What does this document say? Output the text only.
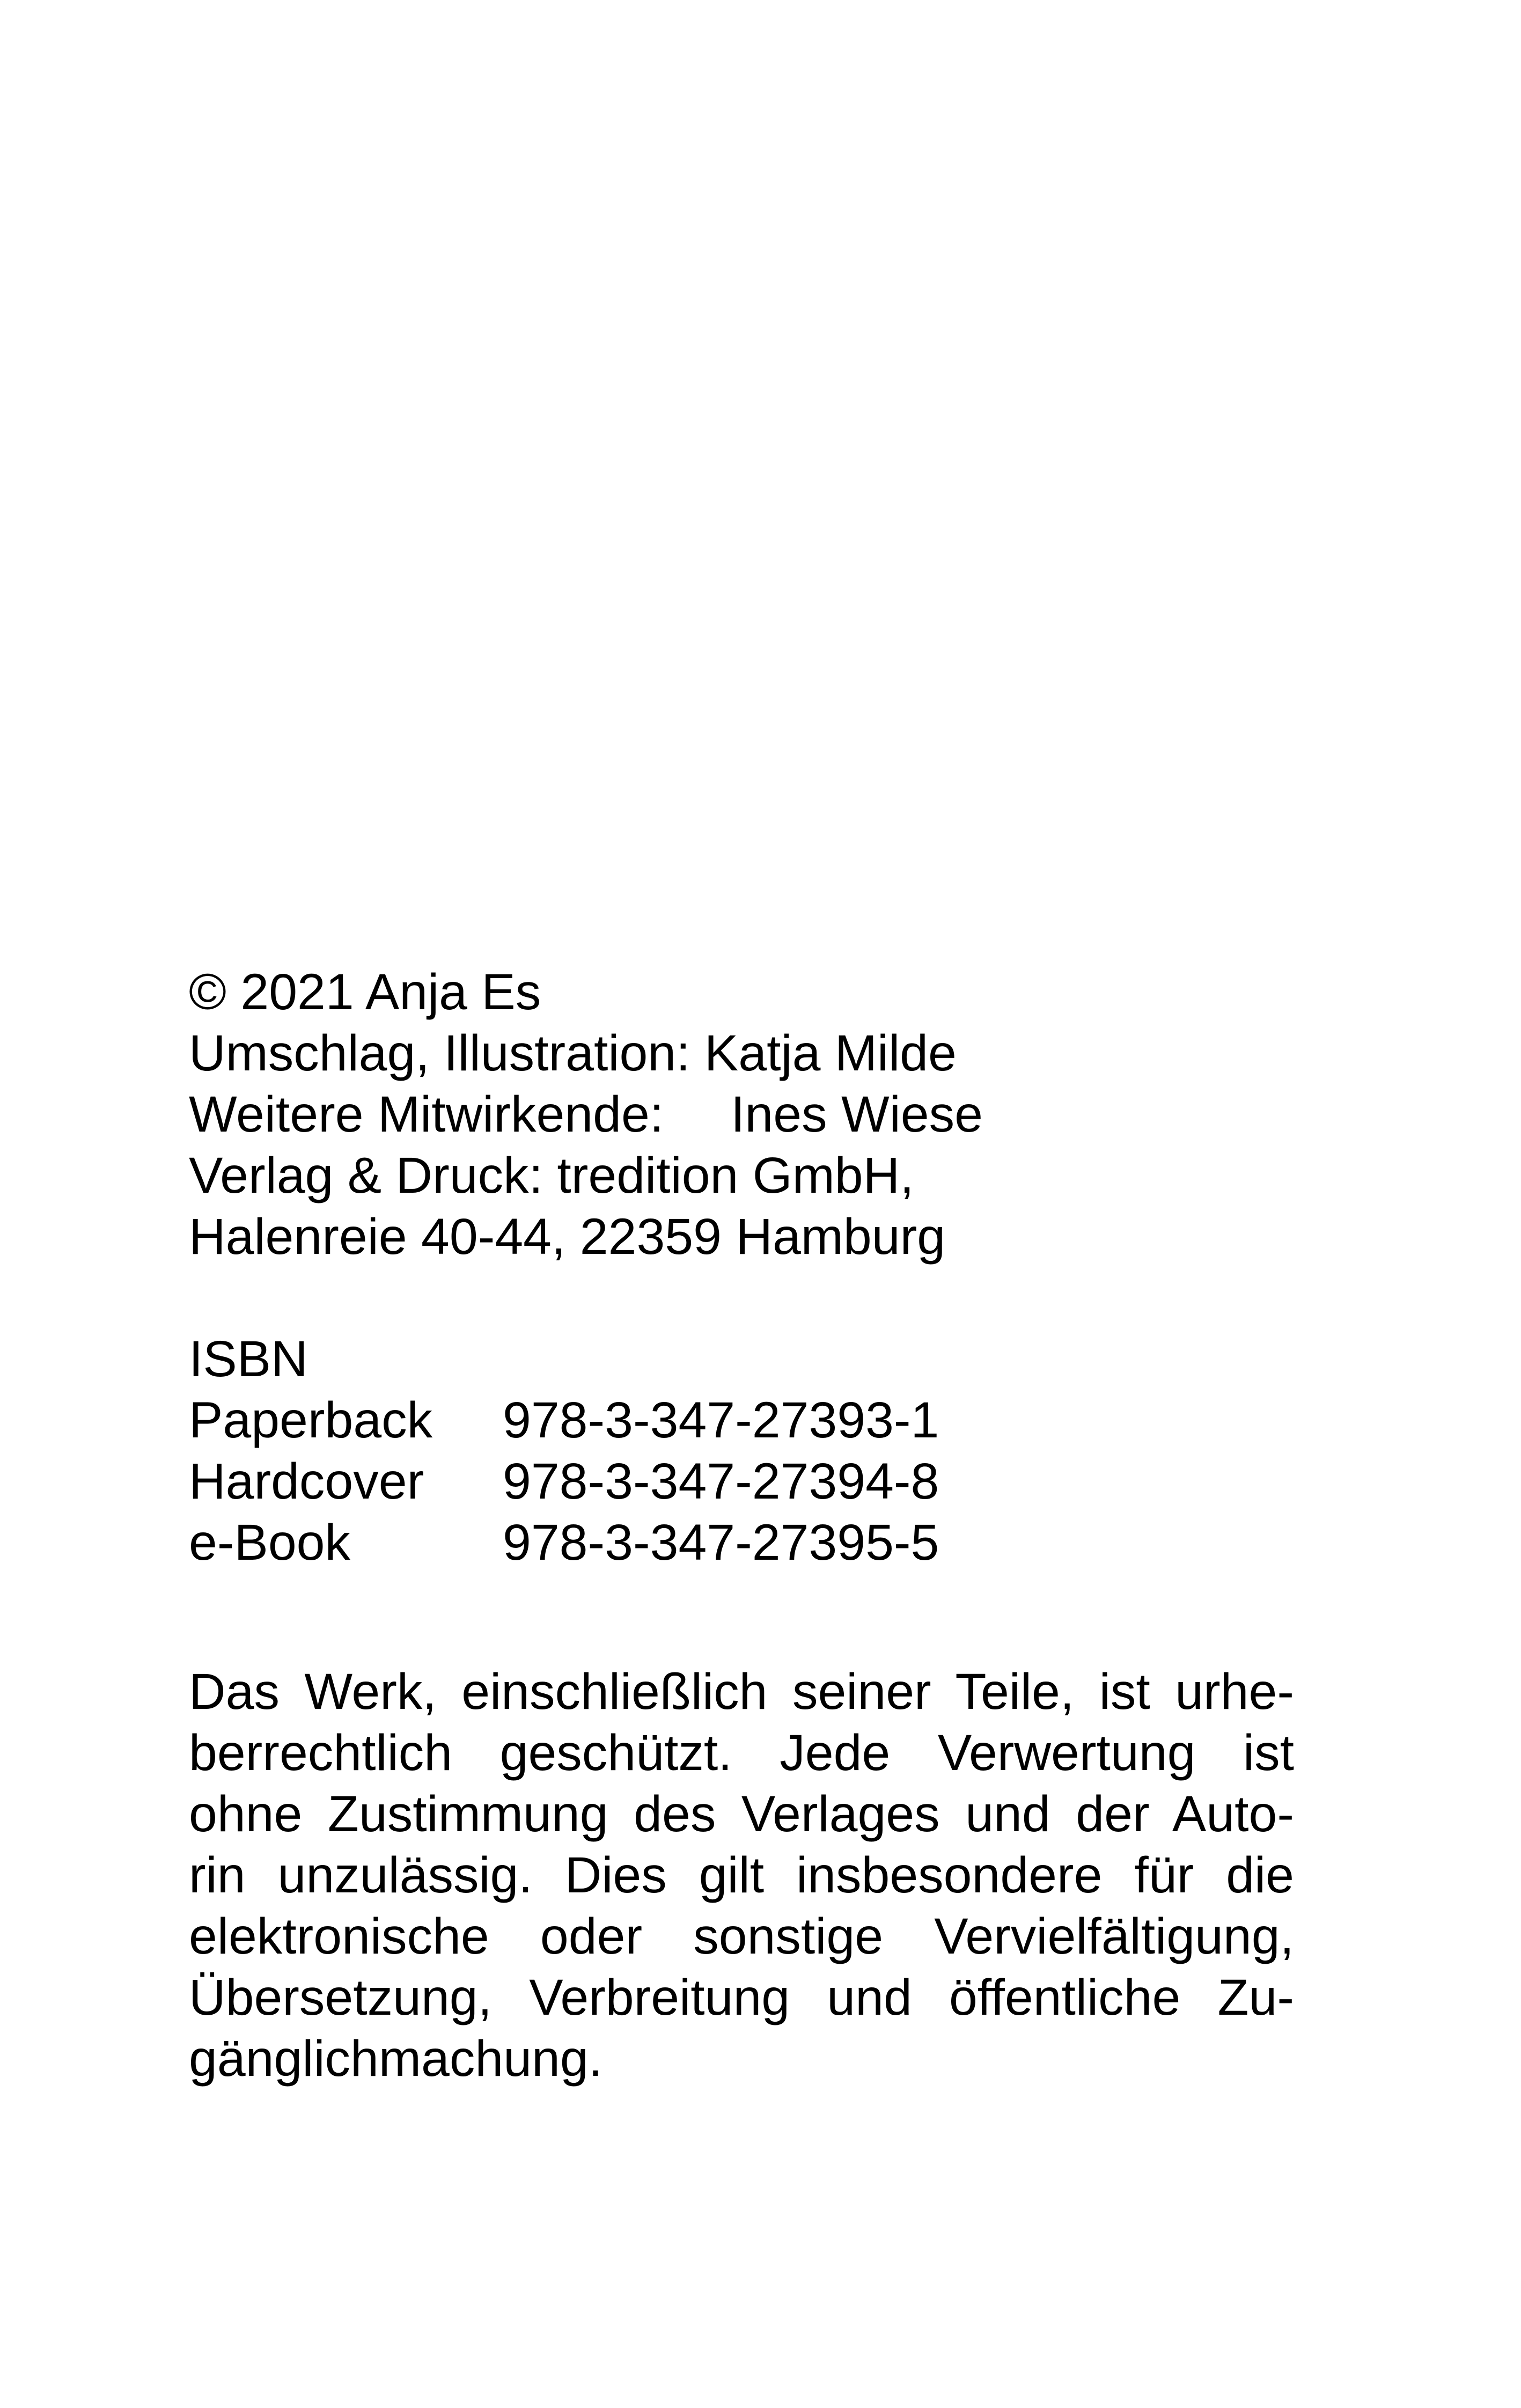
© 2021 Anja Es
Umschlag, Illustration: Katja Milde
Weitere Mitwirkende: Ines Wiese
Verlag & Druck: tredition GmbH,
Halenreie 40-44, 22359 Hamburg
ISBN
Paperback	978-3-347-27393-1
Hardcover	978-3-347-27394-8
e-Book	978-3-347-27395-5
Das Werk, einschließlich seiner Teile, ist urhe-
berrechtlich geschützt. Jede Verwertung ist
ohne Zustimmung des Verlages und der Auto-
rin unzulässig. Dies gilt insbesondere für die
elektronische oder sonstige Vervielfältigung,
Übersetzung, Verbreitung und öffentliche Zu-
gänglichmachung.
